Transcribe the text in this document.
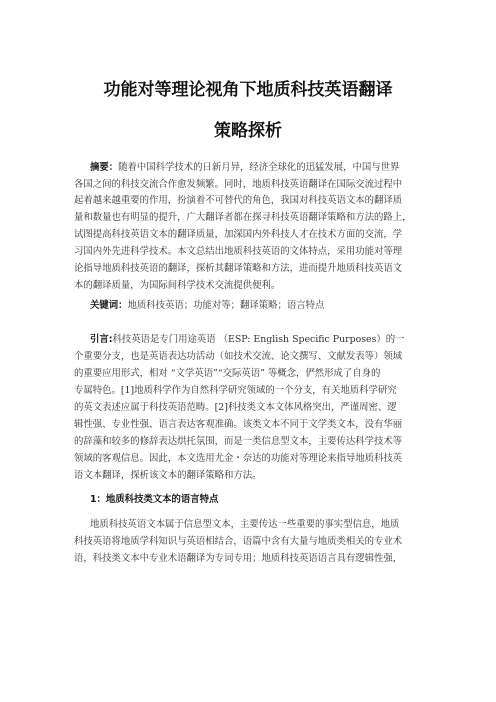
功能对等理论视角下地质科技英语翻译
策略探析
摘要：随着中国科学技术的日新月异，经济全球化的迅猛发展，中国与世界
各国之间的科技交流合作愈发频繁。同时，地质科技英语翻译在国际交流过程中
起着越来越重要的作用，扮演着不可替代的角色，我国对科技英语文本的翻译质
量和数量也有明显的提升，广大翻译者都在探寻科技英语翻译策略和方法的路上，
试图提高科技英语文本的翻译质量，加深国内外科技人才在技术方面的交流，学
习国内外先进科学技术。本文总结出地质科技英语的文体特点，采用功能对等理
论指导地质科技英语的翻译，探析其翻译策略和方法，进而提升地质科技英语文
本的翻译质量，为国际间科学技术交流提供便利。
关键词：地质科技英语；功能对等；翻译策略；语言特点
引言:科技英语是专门用途英语 （ESP: English Specific Purposes）的一
个重要分支，也是英语表达功活动（如技术交流、论文撰写、文献发表等）领域
的重要应用形式，相对 “文学英语”“交际英语” 等概念，俨然形成了自身的
专属特色。[1]地质科学作为自然科学研究领域的一个分支，有关地质科学研究
的英文表述应属于科技英语范畴。[2]科技类文本文体风格突出，严谨周密、逻
辑性强、专业性强、语言表达客观准确。该类文本不同于文学类文本，没有华丽
的辞藻和较多的修辞表达烘托氛围，而是一类信息型文本，主要传达科学技术等
领域的客观信息。因此，本文选用尤金・奈达的功能对等理论来指导地质科技英
语文本翻译，探析该文本的翻译策略和方法。
1：地质科技类文本的语言特点
地质科技英语文本属于信息型文本，主要传达一些重要的事实型信息，地质
科技英语将地质学科知识与英语相结合，语篇中含有大量与地质类相关的专业术
语，科技类文本中专业术语翻译为专词专用；地质科技英语语言具有逻辑性强，
